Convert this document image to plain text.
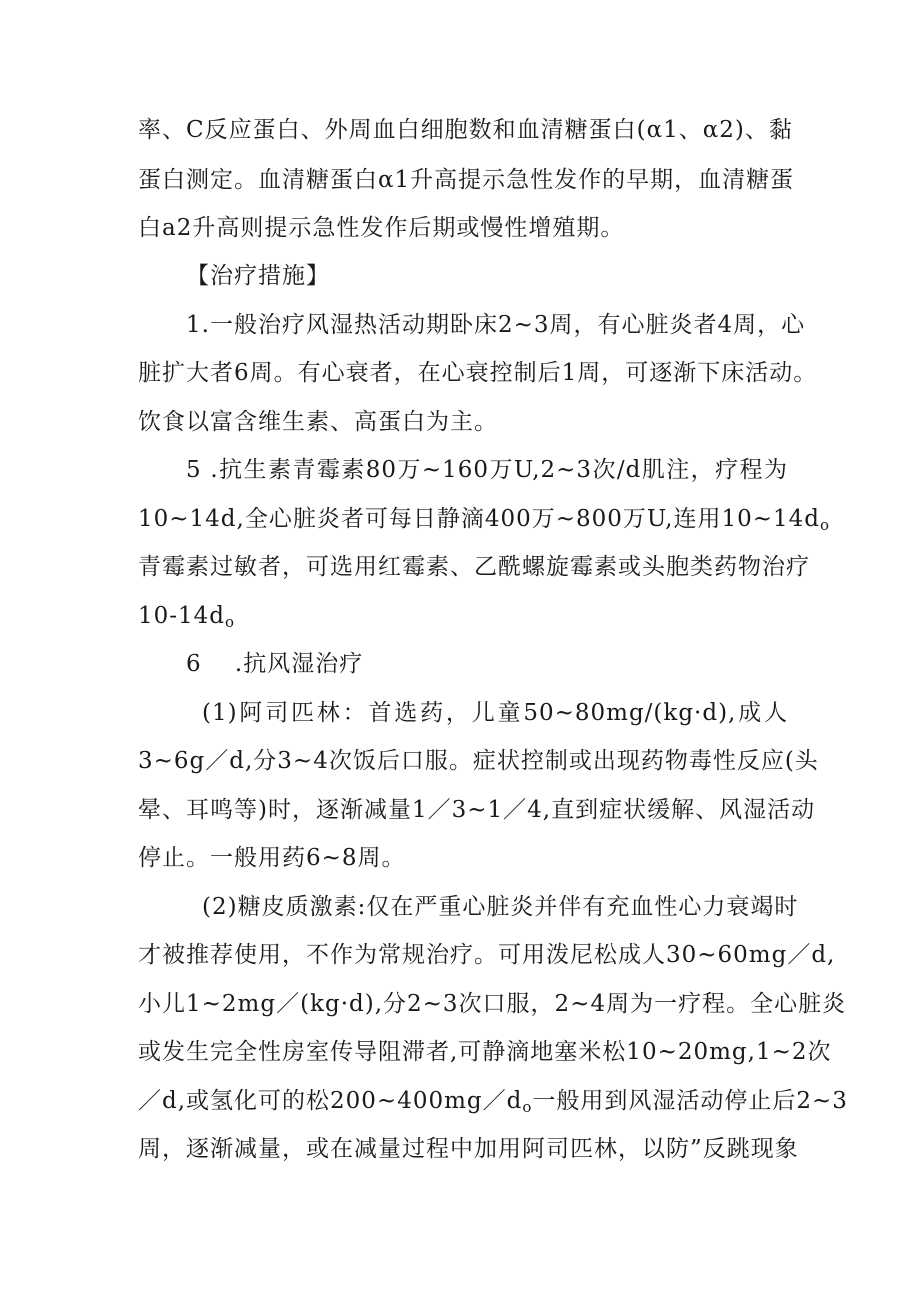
率、C反应蛋白、外周血白细胞数和血清糖蛋白(α1、α2)、黏
蛋白测定。血清糖蛋白α1升高提示急性发作的早期，血清糖蛋
白a2升高则提示急性发作后期或慢性增殖期。
【治疗措施】
1.一般治疗风湿热活动期卧床2~3周，有心脏炎者4周，心
脏扩大者6周。有心衰者，在心衰控制后1周，可逐渐下床活动。
饮食以富含维生素、高蛋白为主。
5 .抗生素青霉素80万~160万U,2~3次/d肌注，疗程为
10~14d,全心脏炎者可每日静滴400万~800万U,连用$10\sim 14d_o$
青霉素过敏者，可选用红霉素、乙酰螺旋霉素或头胞类药物治疗
$10-14d_o$
6    .抗风湿治疗
(1)阿司匹林：首选药，儿童50~80mg/(kg·d),成人
3~6g／d,分3~4次饭后口服。症状控制或出现药物毒性反应(头
晕、耳鸣等)时，逐渐减量1／3~1／4,直到症状缓解、风湿活动
停止。一般用药6~8周。
(2)糖皮质激素:仅在严重心脏炎并伴有充血性心力衰竭时
才被推荐使用，不作为常规治疗。可用泼尼松成人30~60mg／d,
小儿1~2mg／(kg·d),分2~3次口服，2~4周为一疗程。全心脏炎
或发生完全性房室传导阻滞者,可静滴地塞米松10~20mg,1~2次
／d,或氢化可的松$200\sim 400mg/d_o$一般用到风湿活动停止后2~3
周，逐渐减量，或在减量过程中加用阿司匹林，以防”反跳现象
